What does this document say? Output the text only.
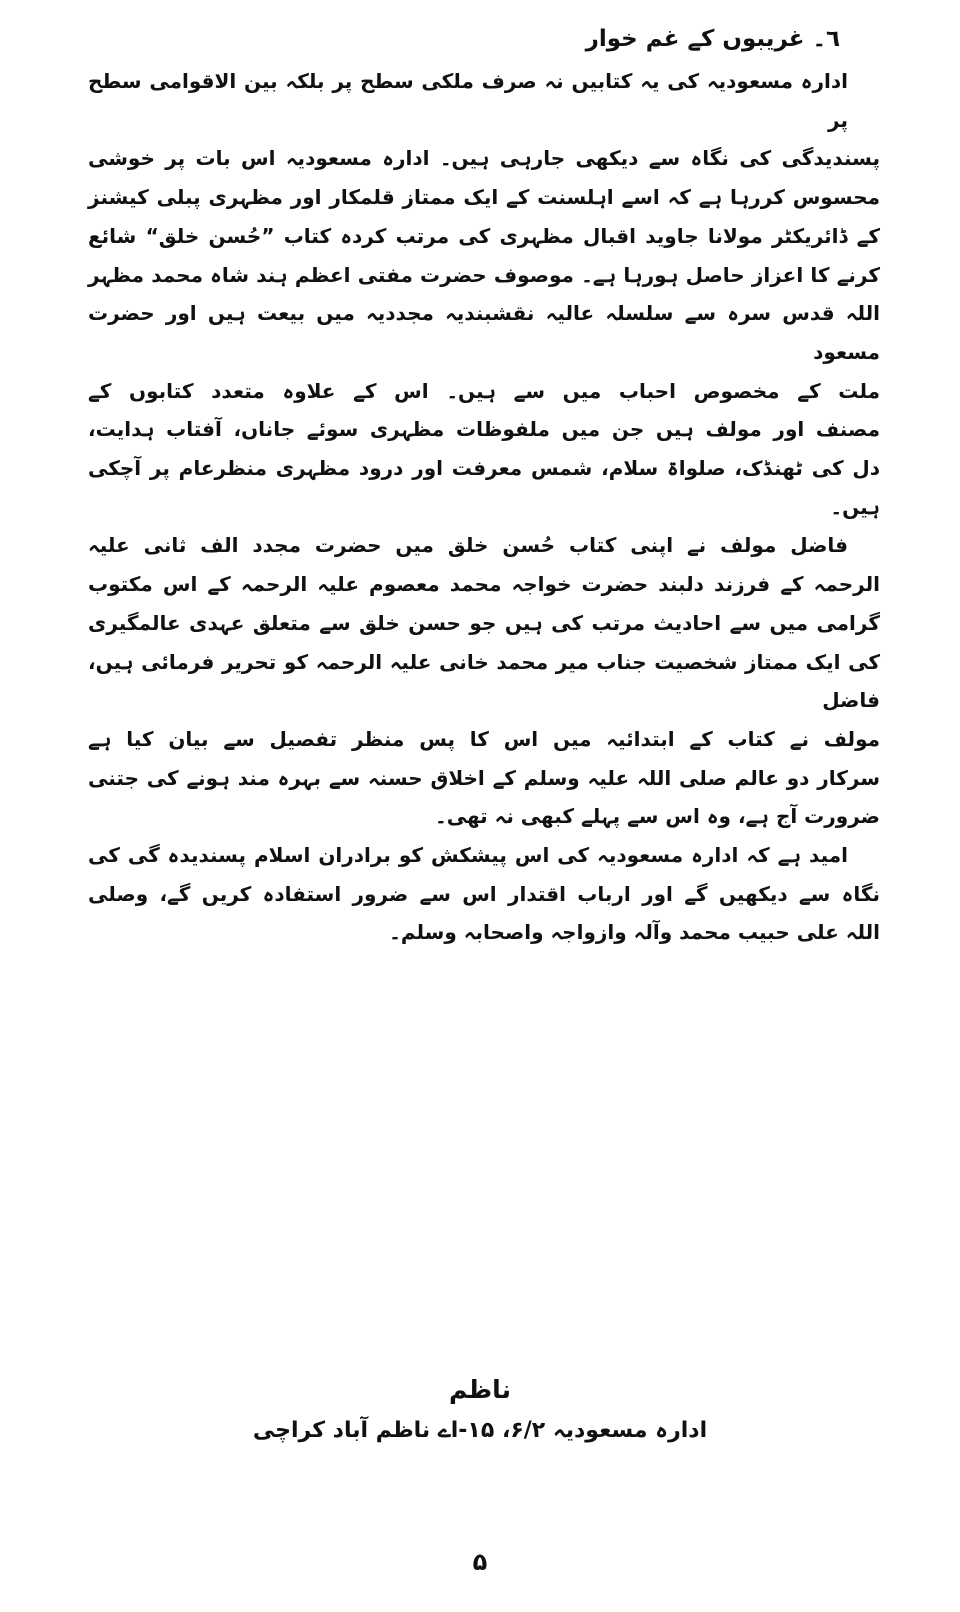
٦۔ غریبوں کے غم خوار
ادارہ مسعودیہ کی یہ کتابیں نہ صرف ملکی سطح پر بلکہ بین الاقوامی سطح پر
پسندیدگی کی نگاہ سے دیکھی جارہی ہیں۔ ادارہ مسعودیہ اس بات پر خوشی
محسوس کررہا ہے کہ اسے اہلسنت کے ایک ممتاز قلمکار اور مظہری پبلی کیشنز
کے ڈائریکٹر مولانا جاوید اقبال مظہری کی مرتب کردہ کتاب ”حُسن خلق“ شائع
کرنے کا اعزاز حاصل ہورہا ہے۔ موصوف حضرت مفتی اعظم ہند شاہ محمد مظہر
اللہ قدس سرہ سے سلسلہ عالیہ نقشبندیہ مجددیہ میں بیعت ہیں اور حضرت مسعود
ملت کے مخصوص احباب میں سے ہیں۔ اس کے علاوہ متعدد کتابوں کے
مصنف اور مولف ہیں جن میں ملفوظات مظہری سوئے جاناں، آفتاب ہدایت،
دل کی ٹھنڈک، صلواۃ سلام، شمس معرفت اور درود مظہری منظرعام پر آچکی
ہیں۔
فاضل مولف نے اپنی کتاب حُسن خلق میں حضرت مجدد الف ثانی علیہ
الرحمہ کے فرزند دلبند حضرت خواجہ محمد معصوم علیہ الرحمہ کے اس مکتوب
گرامی میں سے احادیث مرتب کی ہیں جو حسن خلق سے متعلق عہدی عالمگیری
کی ایک ممتاز شخصیت جناب میر محمد خانی علیہ الرحمہ کو تحریر فرمائی ہیں، فاضل
مولف نے کتاب کے ابتدائیہ میں اس کا پس منظر تفصیل سے بیان کیا ہے
سرکار دو عالم صلی اللہ علیہ وسلم کے اخلاق حسنہ سے بہرہ مند ہونے کی جتنی
ضرورت آج ہے، وہ اس سے پہلے کبھی نہ تھی۔
امید ہے کہ ادارہ مسعودیہ کی اس پیشکش کو برادران اسلام پسندیدہ گی کی
نگاہ سے دیکھیں گے اور ارباب اقتدار اس سے ضرور استفادہ کریں گے، وصلی
اللہ علی حبیب محمد وآلہ وازواجہ واصحابہ وسلم۔
ناظم
ادارہ مسعودیہ ۶/۲، ۱۵-اے ناظم آباد کراچی
۵
